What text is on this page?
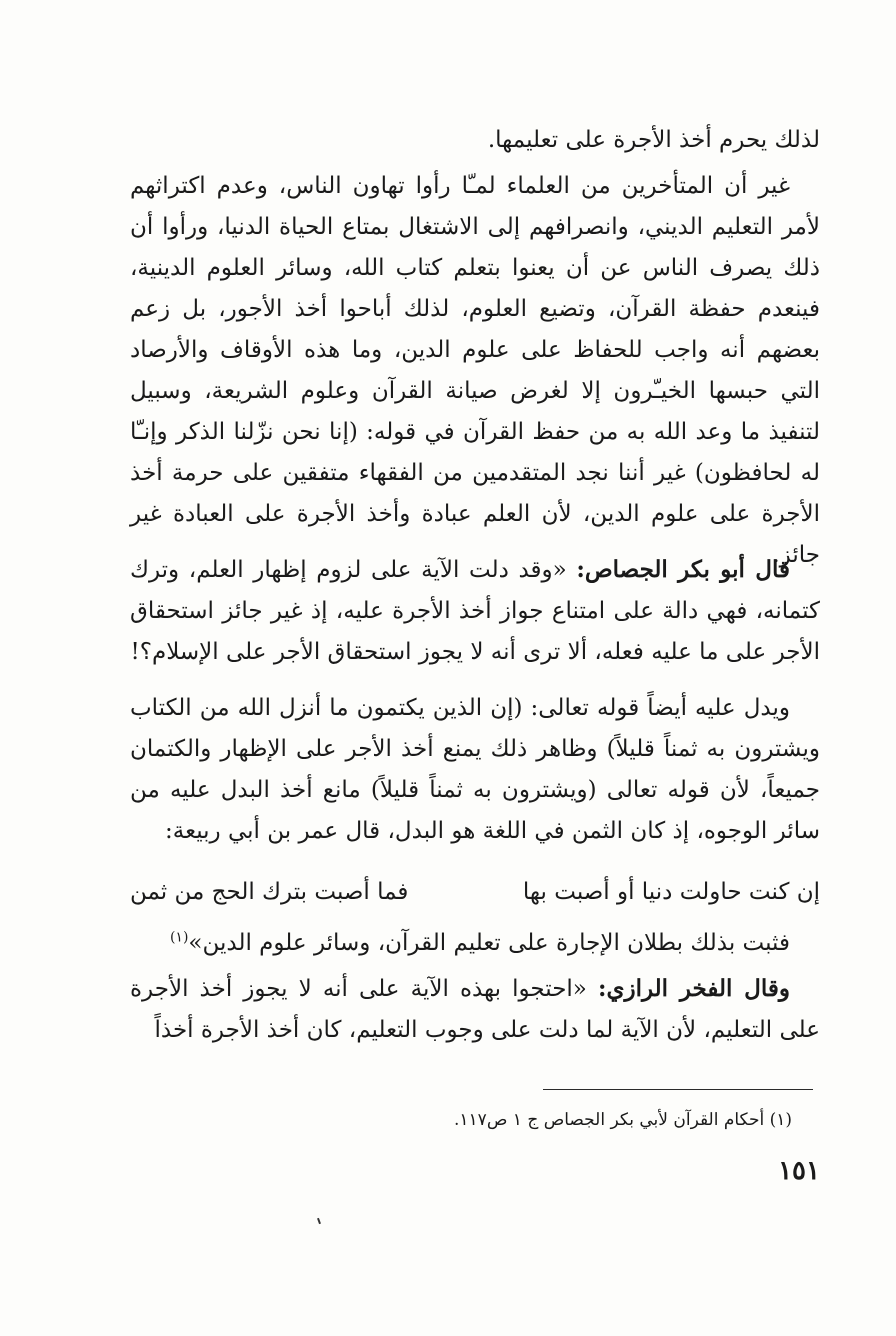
لذلك يحرم أخذ الأجرة على تعليمها.

غير أن المتأخرين من العلماء لمـّا رأوا تهاون الناس، وعدم اكتراثهم لأمر التعليم الديني، وانصرافهم إلى الاشتغال بمتاع الحياة الدنيا، ورأوا أن ذلك يصرف الناس عن أن يعنوا بتعلم كتاب الله، وسائر العلوم الدينية، فينعدم حفظة القرآن، وتضيع العلوم، لذلك أباحوا أخذ الأجور، بل زعم بعضهم أنه واجب للحفاظ على علوم الدين، وما هذه الأوقاف والأرصاد التي حبسها الخيـّرون إلا لغرض صيانة القرآن وعلوم الشريعة، وسبيل لتنفيذ ما وعد الله به من حفظ القرآن في قوله: (إنا نحن نزّلنا الذكر وإنـّا له لحافظون) غير أننا نجد المتقدمين من الفقهاء متفقين على حرمة أخذ الأجرة على علوم الدين، لأن العلم عبادة وأخذ الأجرة على العبادة غير جائز.

قال أبو بكر الجصاص: «وقد دلت الآية على لزوم إظهار العلم، وترك كتمانه، فهي دالة على امتناع جواز أخذ الأجرة عليه، إذ غير جائز استحقاق الأجر على ما عليه فعله، ألا ترى أنه لا يجوز استحقاق الأجر على الإسلام؟!

ويدل عليه أيضاً قوله تعالى: (إن الذين يكتمون ما أنزل الله من الكتاب ويشترون به ثمناً قليلاً) وظاهر ذلك يمنع أخذ الأجر على الإظهار والكتمان جميعاً، لأن قوله تعالى (ويشترون به ثمناً قليلاً) مانع أخذ البدل عليه من سائر الوجوه، إذ كان الثمن في اللغة هو البدل، قال عمر بن أبي ربيعة:

إن كنت حاولت دنيا أو أصبت بها
فما أصبت بترك الحج من ثمن

فثبت بذلك بطلان الإجارة على تعليم القرآن، وسائر علوم الدين»$^{(١)}$

وقال الفخر الرازي: «احتجوا بهذه الآية على أنه لا يجوز أخذ الأجرة على التعليم، لأن الآية لما دلت على وجوب التعليم، كان أخذ الأجرة أخذاً

(١) أحكام القرآن لأبي بكر الجصاص ج ١ ص١١٧.
١٥١
